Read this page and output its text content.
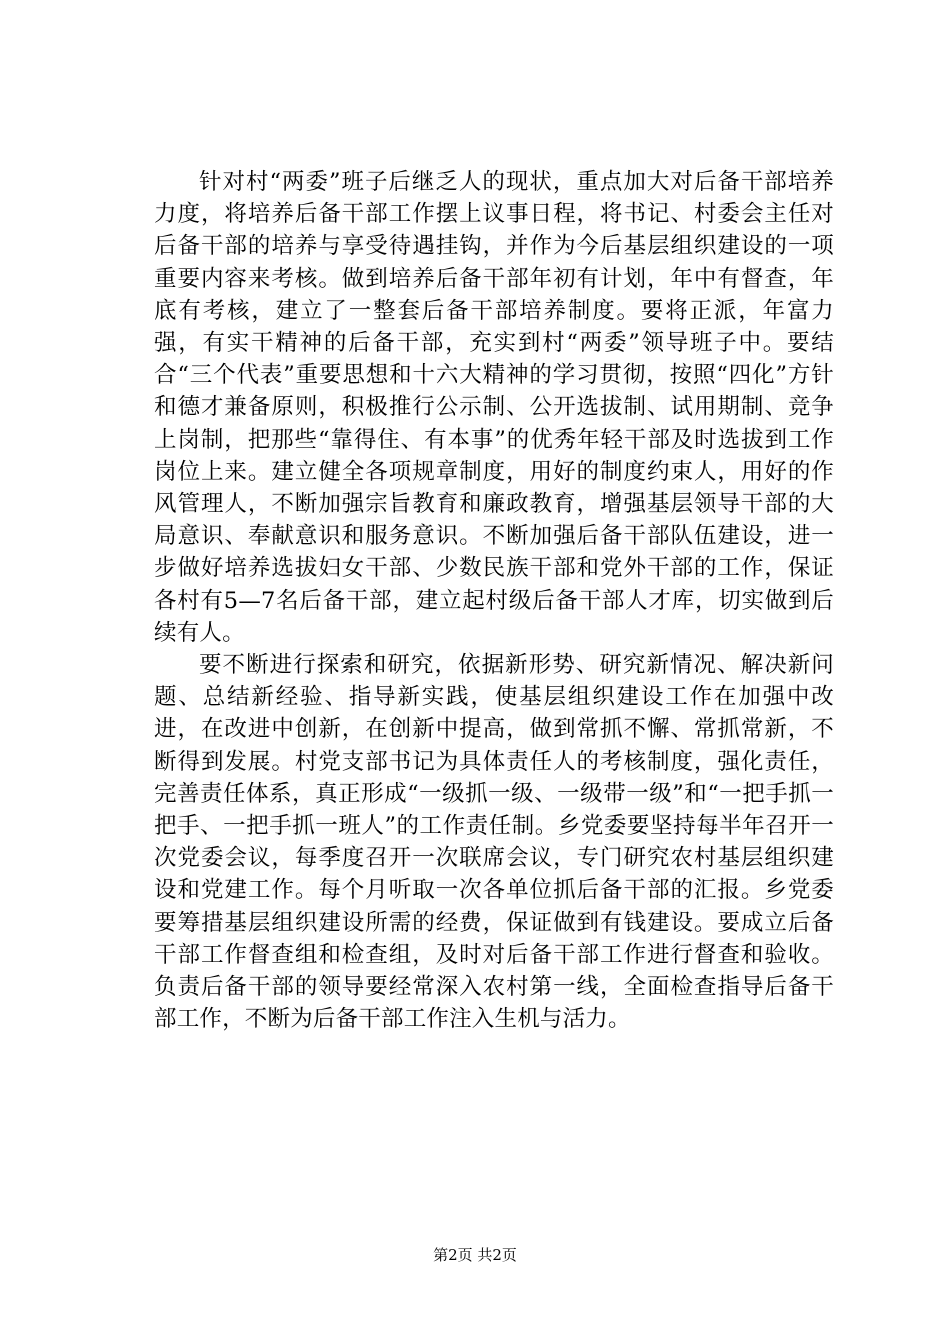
针对村“两委”班子后继乏人的现状，重点加大对后备干部培养力度，将培养后备干部工作摆上议事日程，将书记、村委会主任对后备干部的培养与享受待遇挂钩，并作为今后基层组织建设的一项重要内容来考核。做到培养后备干部年初有计划，年中有督查，年底有考核，建立了一整套后备干部培养制度。要将正派，年富力强，有实干精神的后备干部，充实到村“两委”领导班子中。要结合“三个代表”重要思想和十六大精神的学习贯彻，按照“四化”方针和德才兼备原则，积极推行公示制、公开选拔制、试用期制、竞争上岗制，把那些“靠得住、有本事”的优秀年轻干部及时选拔到工作岗位上来。建立健全各项规章制度，用好的制度约束人，用好的作风管理人，不断加强宗旨教育和廉政教育，增强基层领导干部的大局意识、奉献意识和服务意识。不断加强后备干部队伍建设，进一步做好培养选拔妇女干部、少数民族干部和党外干部的工作，保证各村有5—7名后备干部，建立起村级后备干部人才库，切实做到后续有人。

要不断进行探索和研究，依据新形势、研究新情况、解决新问题、总结新经验、指导新实践，使基层组织建设工作在加强中改进，在改进中创新，在创新中提高，做到常抓不懈、常抓常新，不断得到发展。村党支部书记为具体责任人的考核制度，强化责任，完善责任体系，真正形成“一级抓一级、一级带一级”和“一把手抓一把手、一把手抓一班人”的工作责任制。乡党委要坚持每半年召开一次党委会议，每季度召开一次联席会议，专门研究农村基层组织建设和党建工作。每个月听取一次各单位抓后备干部的汇报。乡党委要筹措基层组织建设所需的经费，保证做到有钱建设。要成立后备干部工作督查组和检查组，及时对后备干部工作进行督查和验收。负责后备干部的领导要经常深入农村第一线，全面检查指导后备干部工作，不断为后备干部工作注入生机与活力。

第2页 共2页
